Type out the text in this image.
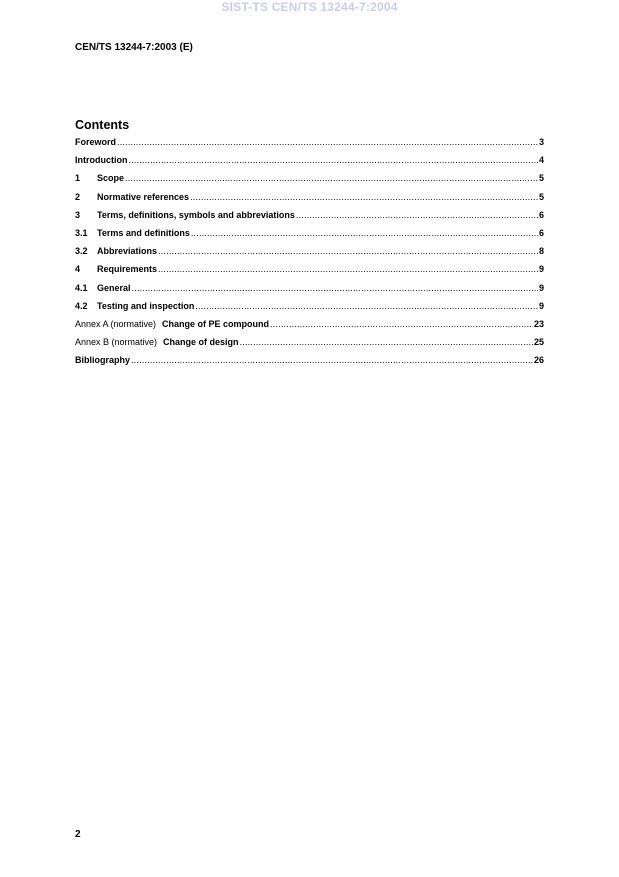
SIST-TS CEN/TS 13244-7:2004
CEN/TS 13244-7:2003 (E)
Contents
Foreword .....	3
Introduction .....	4
1	Scope .....	5
2	Normative references .....	5
3	Terms, definitions, symbols and abbreviations .....	6
3.1	Terms and definitions .....	6
3.2	Abbreviations .....	8
4	Requirements .....	9
4.1	General .....	9
4.2	Testing and inspection .....	9
Annex A (normative) Change of PE compound .....	23
Annex B (normative) Change of design .....	25
Bibliography .....	26
2
